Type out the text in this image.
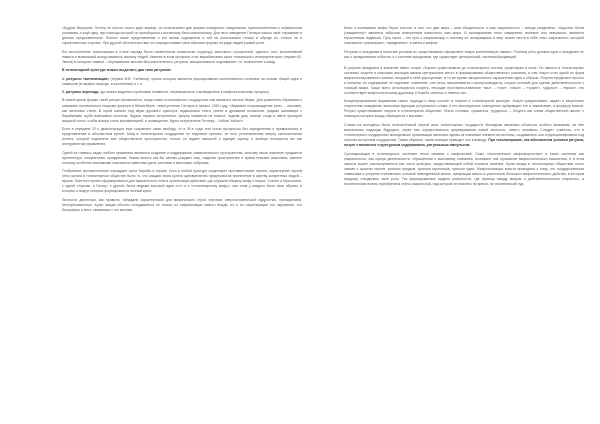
«Будучи Фюрером, Гитлер не просто носил двух маркир, он использовал две формы поведения: ежедневная, приспособленная к нормальным условиям, и ещё одну, при помощи которой он приобщался к истинному бессознательному. Для него поведение Гитлера нашло своё отражение в данных представлениях. Полное наше представление о его жизни содержится в той ли использовал только в обряде их, только ли в торжественных случаях. При другой обстоятельствах он сосредоточивал свои обычные формы на ряде людей развой роли.

Его выступление трансляциям в стиле парада было измененным психически структуру массового слушателей, сделать «из» коллективной памяти и возможный исход изменить психику людей. Именно в этом процессе стал вырабатывать культ «языческого интерпретатора» (термин Ю. Эвола) в котором главное – переживание миссии бессознательного, ритуала, эмоциональное поднимание, т.е. вознесение к мифу.

В тоталитарной культуре можно выделить два типа ритуалов:

1. ритуалы «витализации» (термин В.В. Глебкина), целью которых является формирование коллективного сознания на основе общей идеи и символов (в первую очередь, в коллективе) и т. п.

2. ритуалы перехода, где можно выделить культовые элементы, перевешенные и возведенные к мифологическому процессу.

В самой яркой форме такой ритуал проявляется, когда глава тоталитарного государства сам является частью Мифа. Для сравнения обратимся к описанию постепенного нацизма фюрера в Кёнигсберге: «выступление Гитлера в начале 1933 году, «Звуковое сопровождение речи…, шествие, как заготовка стиля. В горой шагали под звуки духового оркестра, вздымались стяги, реяли в дрожании колоколов, рядами шагающие с барабанами трубя войсковые колонны. Ждали первого вступления, фюрер появился на помост, подняв руку, вкинул тогда в свете фонарей мощный голос, чтобы вскоре стать кульминацией, и посвящение, бурно встреченное Гитлеру – Хайлю Хайль!».

Если в середине 20-х демонстрации еще сохраняют свою свободу, то в 30-е годы они стали процессом без определения и превратились в представление в абсолютном культе. Миф в тоталитарном государстве не подлежит критике, он есть установленная сверху окончательная истина, которой подчинено всё общественное пространство; только он задаёт масштаб и единую оценку, и вообще пользуется им как инструментом управления.

Одной из главных задач любого правителя являются создание и поддержание символического пространства, поэтому такое значение придается архитектуре, монументам, праздникам. Новая власть как бы заново рождает мир, наделяя пространство и время новыми смыслами, именно поэтому особенно значимыми становятся памятные даты, шествия и массовые собрания.

Глобальное противостояние порождает культ борьбы и героев. Хотя в любой культуре существует противостояние героев, характерной чертой этого культа в тоталитарном обществе было то, что каждая эпоха культа одновременно предполагала принесение в жертву конкретных людей – врагов. Пантеон героев сформировался для фашистского типа в организации действия, где служили общему мифу о нации. Сталин и Муссолини, с одной стороны, и Гитлер, с другой, были людьми высокой идеи «от» и к «тоталитарному мифу», при этом у каждого были свои образы, в которых и вокруг которых формировался личный культ.

Личности диктатора, как правило, обладали характерными для мифического героя чертами: сверхчеловеческой мудростью, провидением, непогрешимостью. Культ вождя обычно складывается не только из сакрализации самого вождя, но и из сакрализации его окружения, его биографии и мест, связанных с его жизнью.

Ключ к пониманию мифа Героя состоит в том, что два мира – мир обыденности и мир сакральности – всегда разделены. «Царство богов (священное)» является забытым измерением известного нам мира. И исследование этого измерения, волевое или невольное, является героическим подвигом. Путь героя – это путь к сакральному, и поэтому он, возвращаясь в мир, может нести в себе опыт сакрального, который становится «рассказом», «преданием», а затем и мифом.

Ритуалы и праздники в качестве условия их существования оформляют новую коллективную память. Поэтому речь должна идти о празднике не как о праздновании события, а о системе праздников, где существует центральный, системообразующий.

В ритуале праздника и значение имеет лозунг. Лозунги существовали до тоталитарных систем, существуют и ныне. Но именно в тоталитарных системах лозунги и массовая агитация заняли центральное место в формировании общественного сознания, а сам лозунг стал одной из форм мифологизированного знания, несущей в себе упрощенные, в то же время эмоционально окрашенные идеи и образы. Лозунги предельно просты и понятны, их содержание не подлежит сомнению, они легко запоминаются и воспроизводятся, служат основой для оценки действительности с позиций мифа. Чаще всего используются лозунги, несущие противопоставление «мы» – «они», «свои» – «чужие», «друзья» – «враги», что соответствует мифологическому дуализму и борьбе светлых и темных сил.

Концентрированное выражение такого подхода к нему состоит в лозунге и тоталитарной культуре. Лозунг предписывает, задаёт и закрепляет стереотипы поведения, выполняя функцию ритуального слова, а его многократное повторение превращает его в заклинание, в формулу власти. Ритуал существования лозунга в тоталитарном обществе: «Быть готовым, сражаться, трудиться, – Лозунги как слова общественной жизни, с помощью которых вождь обращается к массам».

Ставка на молодёжь была отличительной чертой всех тоталитарных государств. Молодежь являлась объектом особого внимания, на нее возлагались надежды будущего, через нее осуществлялось формирование новой личности, нового человека. Следует отметить, что в тоталитарных государствах молодежные организации являлись одним из ключевых элементов системы, создавались они и функционировали под строгим контролем государства. Таким образом, такая позиция приводит нас к выводу: При тоталитаризме, как абсолютном условии ритуала, лозунг становится структурным содержанием, ритуальным импульсом.

Сульмаризация в тоталитарных системах тесно связана с мифологией. Само «политическое мифотворчество» в таких системах как сакральность, как сфера деятельности, обращённая к массовому сознанию, возникает как отражение мифологического мышления, и в этом смысле может рассматриваться как часть культуры, представляющей собой сложное явление. Культ вождя в тоталитарных обществах тесно связан с культом героев, культом предков, культом мучеников, культом идеи. Мифологизация власти приводила к тому, что государственная символика и ритуалы становились основой повседневной жизни, превращая массы в участников большого мифологического действа, в котором каждому отводилась своя роль. Так формировалась модель реальности, где граница между мифом и действительностью стиралась, а политическая власть приобретала черты сакральной, над которой не властны ни время, ни человеческий суд.
